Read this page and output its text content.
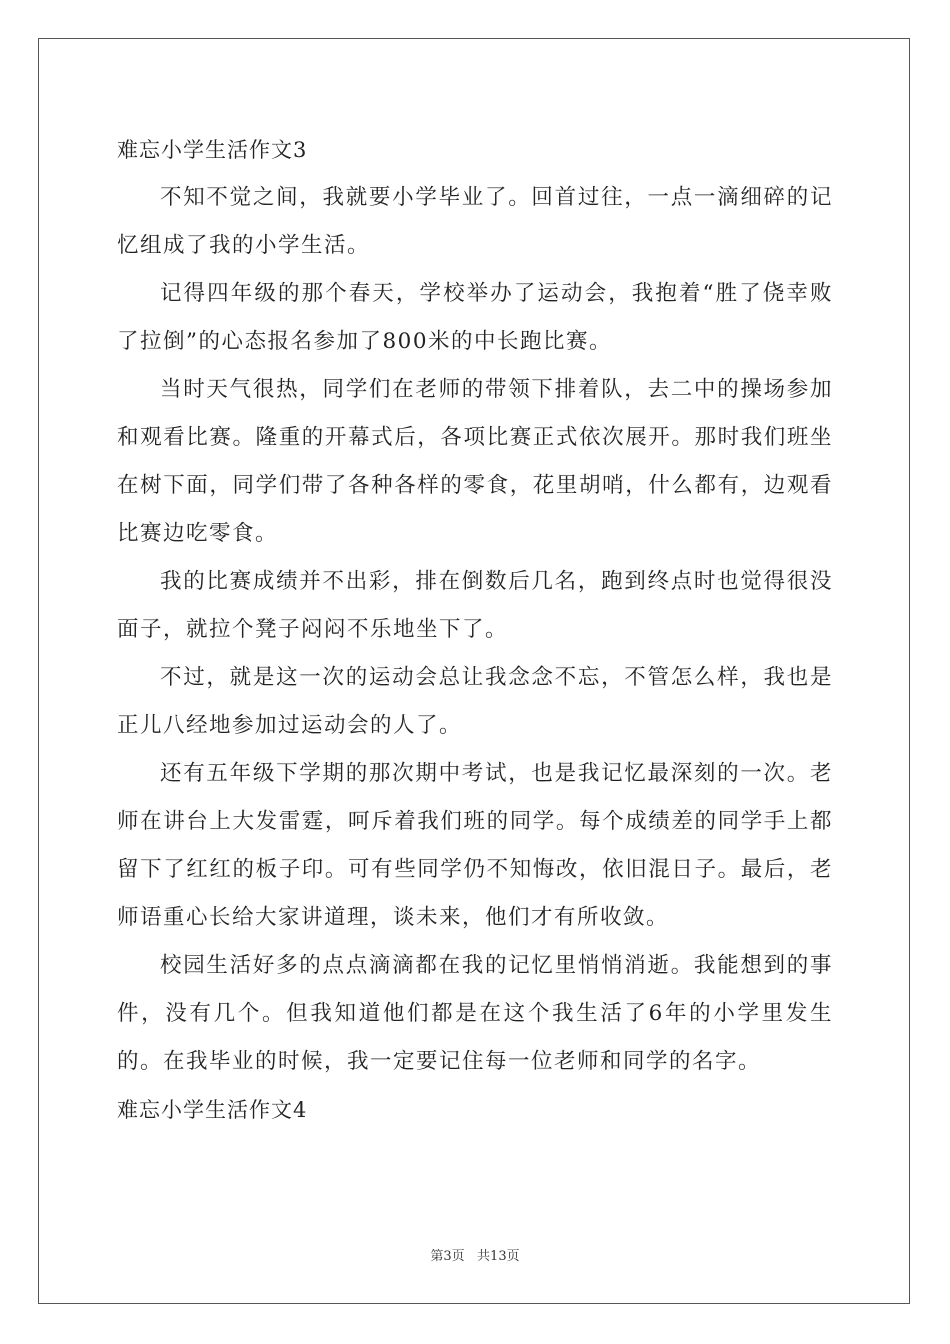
难忘小学生活作文3

不知不觉之间，我就要小学毕业了。回首过往，一点一滴细碎的记忆组成了我的小学生活。

记得四年级的那个春天，学校举办了运动会，我抱着“胜了侥幸败了拉倒”的心态报名参加了800米的中长跑比赛。

当时天气很热，同学们在老师的带领下排着队，去二中的操场参加和观看比赛。隆重的开幕式后，各项比赛正式依次展开。那时我们班坐在树下面，同学们带了各种各样的零食，花里胡哨，什么都有，边观看比赛边吃零食。

我的比赛成绩并不出彩，排在倒数后几名，跑到终点时也觉得很没面子，就拉个凳子闷闷不乐地坐下了。

不过，就是这一次的运动会总让我念念不忘，不管怎么样，我也是正儿八经地参加过运动会的人了。

还有五年级下学期的那次期中考试，也是我记忆最深刻的一次。老师在讲台上大发雷霆，呵斥着我们班的同学。每个成绩差的同学手上都留下了红红的板子印。可有些同学仍不知悔改，依旧混日子。最后，老师语重心长给大家讲道理，谈未来，他们才有所收敛。

校园生活好多的点点滴滴都在我的记忆里悄悄消逝。我能想到的事件，没有几个。但我知道他们都是在这个我生活了6年的小学里发生的。在我毕业的时候，我一定要记住每一位老师和同学的名字。

难忘小学生活作文4
第3页   共13页
